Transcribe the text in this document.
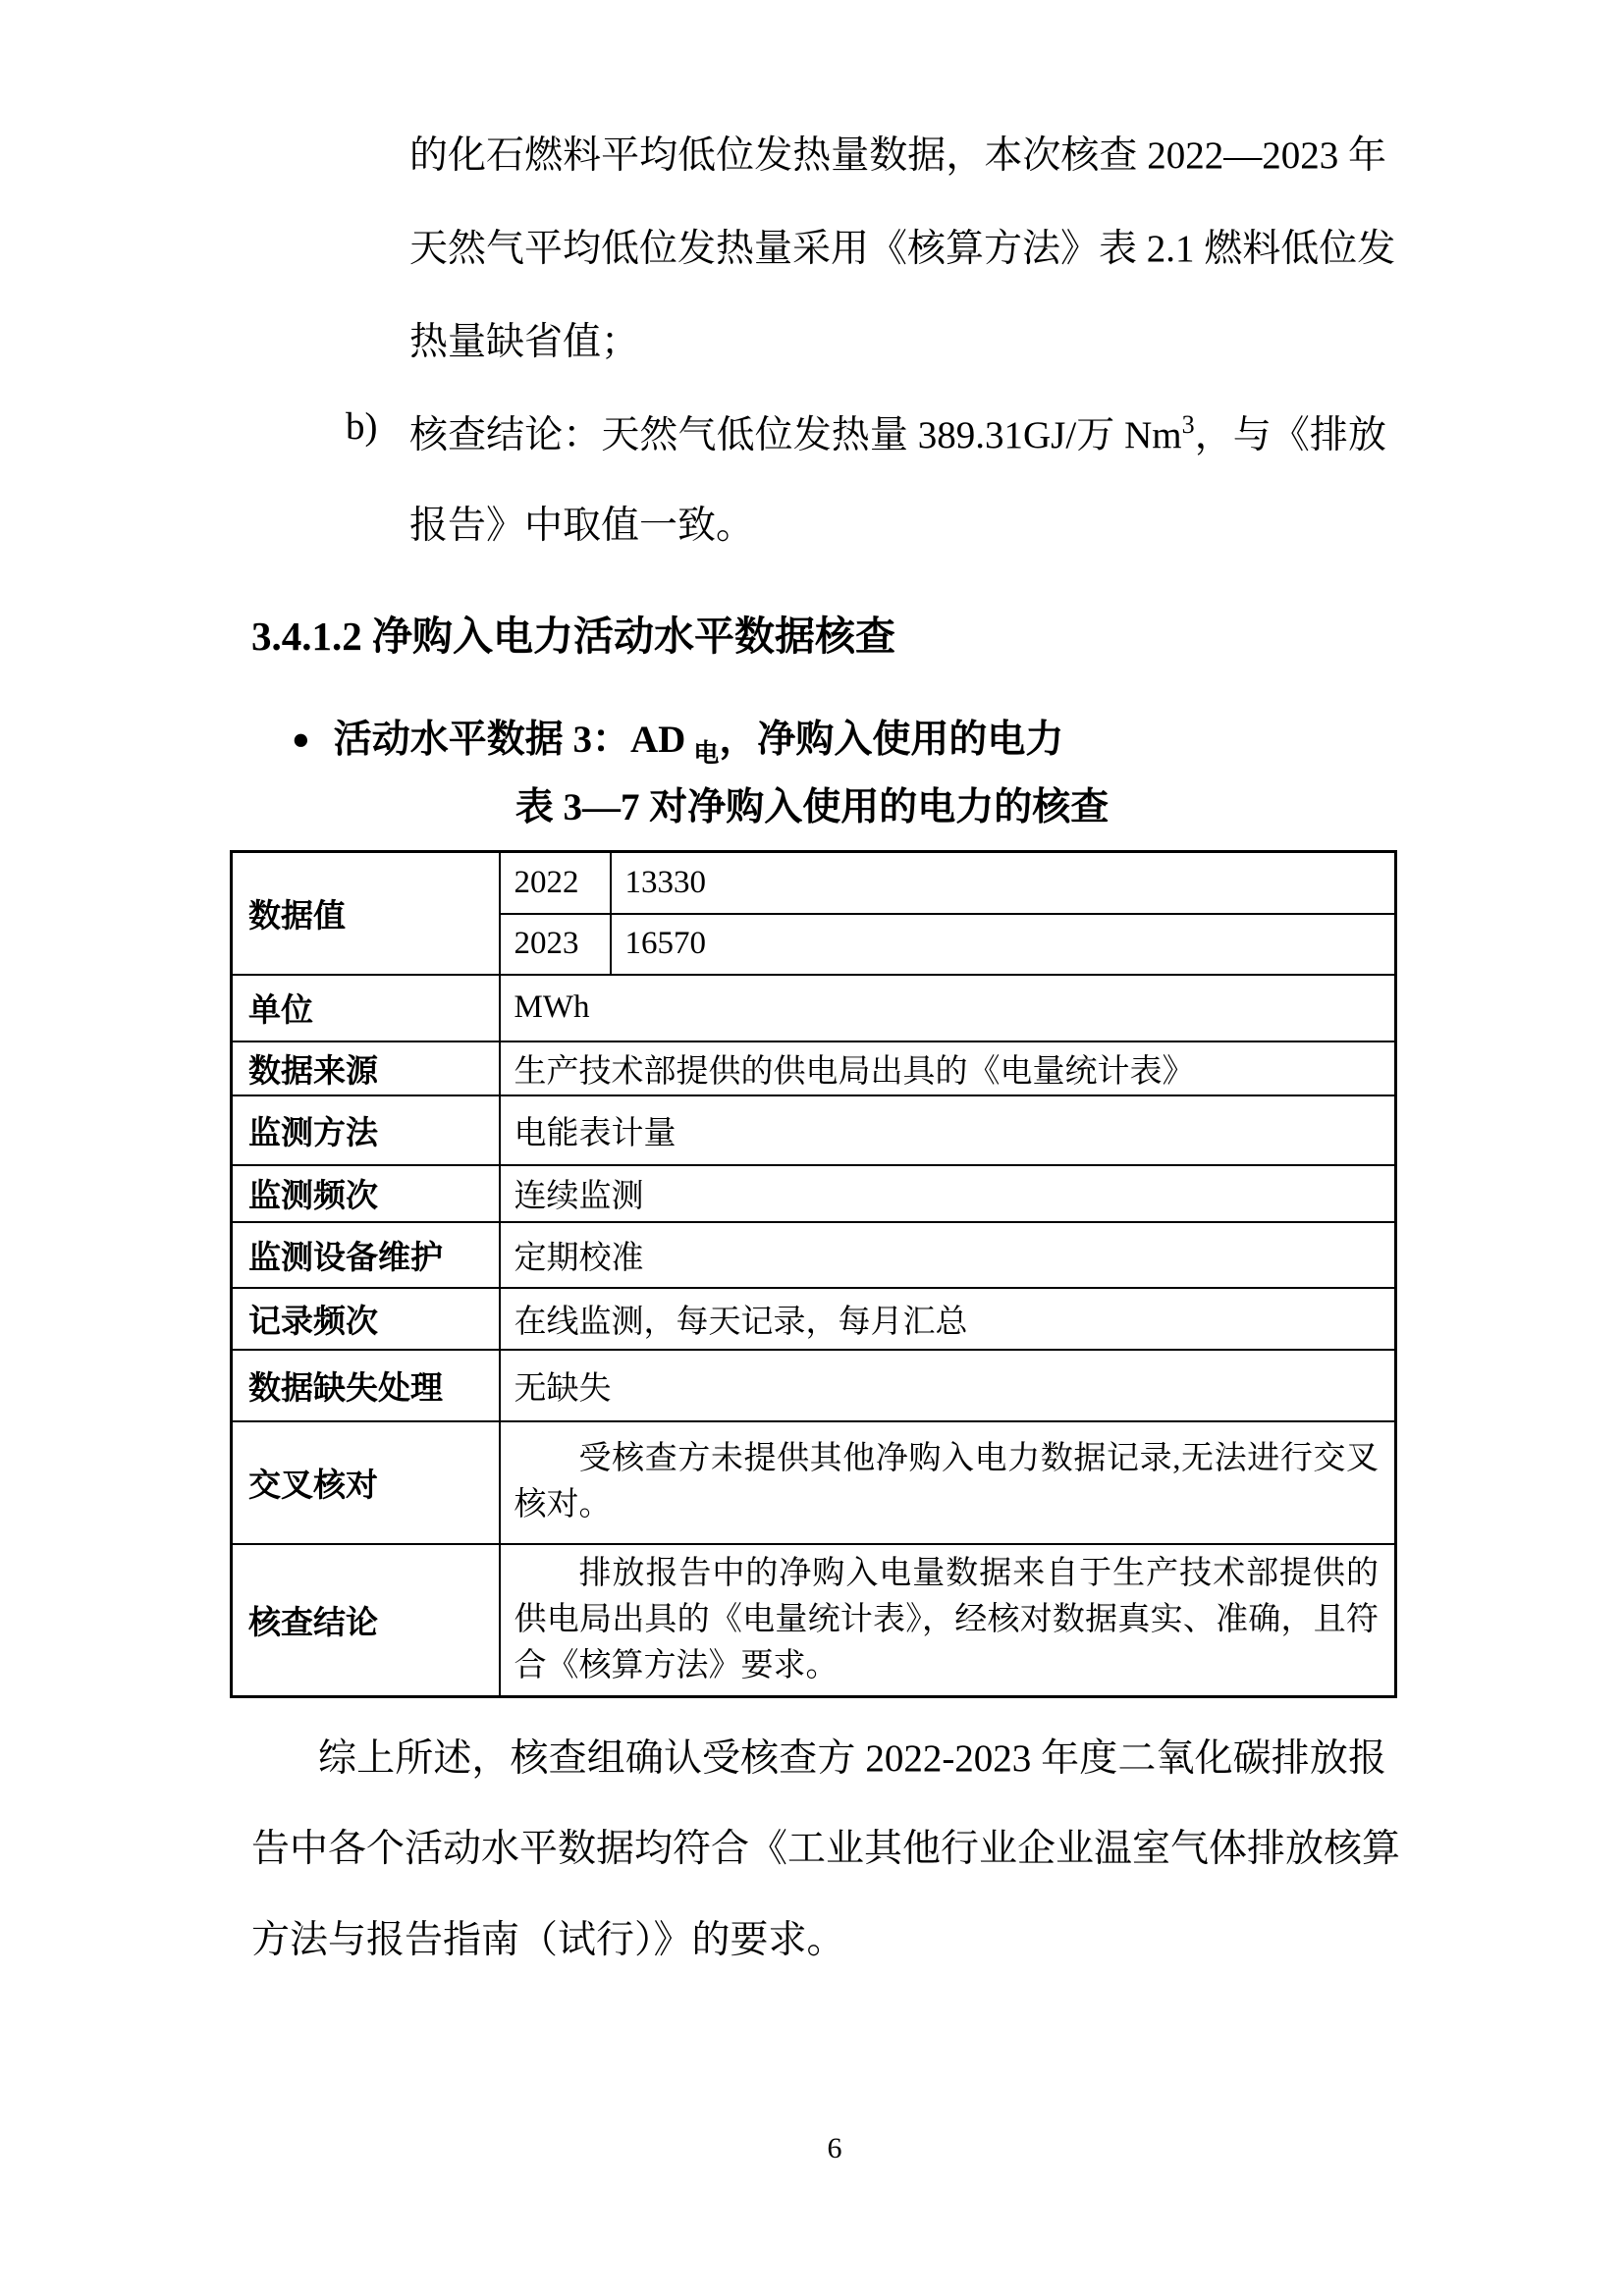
的化石燃料平均低位发热量数据，本次核查 2022—2023 年
天然气平均低位发热量采用《核算方法》表 2.1 燃料低位发
热量缺省值；
b) 核查结论：天然气低位发热量 389.31GJ/万 Nm$^3$，与《排放
报告》中取值一致。
3.4.1.2 净购入电力活动水平数据核查
● 活动水平数据 3：AD $_电$，净购入使用的电力
表 3—7 对净购入使用的电力的核查
数据值	2022	13330
	2023	16570
单位	MWh	
数据来源	生产技术部提供的供电局出具的《电量统计表》	
监测方法	电能表计量	
监测频次	连续监测	
监测设备维护	定期校准	
记录频次	在线监测，每天记录，每月汇总	
数据缺失处理	无缺失	
交叉核对	受核查方未提供其他净购入电力数据记录,无法进行交叉核对。	
核查结论	排放报告中的净购入电量数据来自于生产技术部提供的供电局出具的《电量统计表》，经核对数据真实、准确，且符合《核算方法》要求。	
综上所述，核查组确认受核查方 2022-2023 年度二氧化碳排放报
告中各个活动水平数据均符合《工业其他行业企业温室气体排放核算
方法与报告指南（试行）》的要求。
6
